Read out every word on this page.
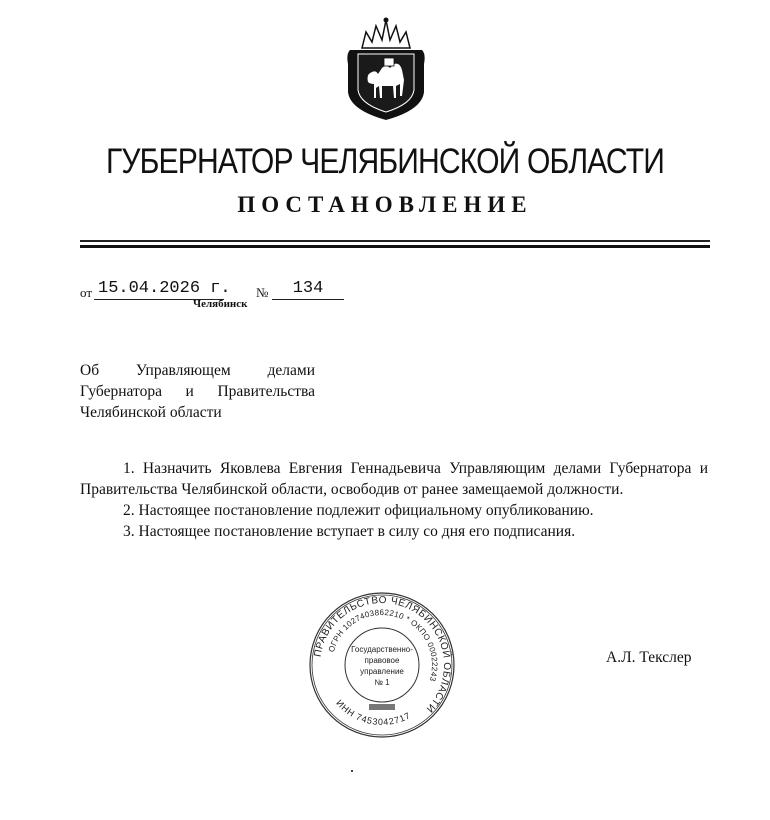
ГУБЕРНАТОР ЧЕЛЯБИНСКОЙ ОБЛАСТИ
ПОСТАНОВЛЕНИЕ
от 15.04.2026 г. №	134
Челябинск
Об Управляющем делами
Губернатора и Правительства
Челябинской области
1. Назначить Яковлева Евгения Геннадьевича Управляющим делами Губернатора и Правительства Челябинской области, освободив от ранее замещаемой должности.
2. Настоящее постановление подлежит официальному опубликованию.
3. Настоящее постановление вступает в силу со дня его подписания.
ПРАВИТЕЛЬСТВО ЧЕЛЯБИНСКОЙ ОБЛАСТИ
ОГРН 1027403862210 * ОКПО 00022243
ИНН 7453042717
Государственно-
правовое
управление
№ 1
А.Л. Текслер
